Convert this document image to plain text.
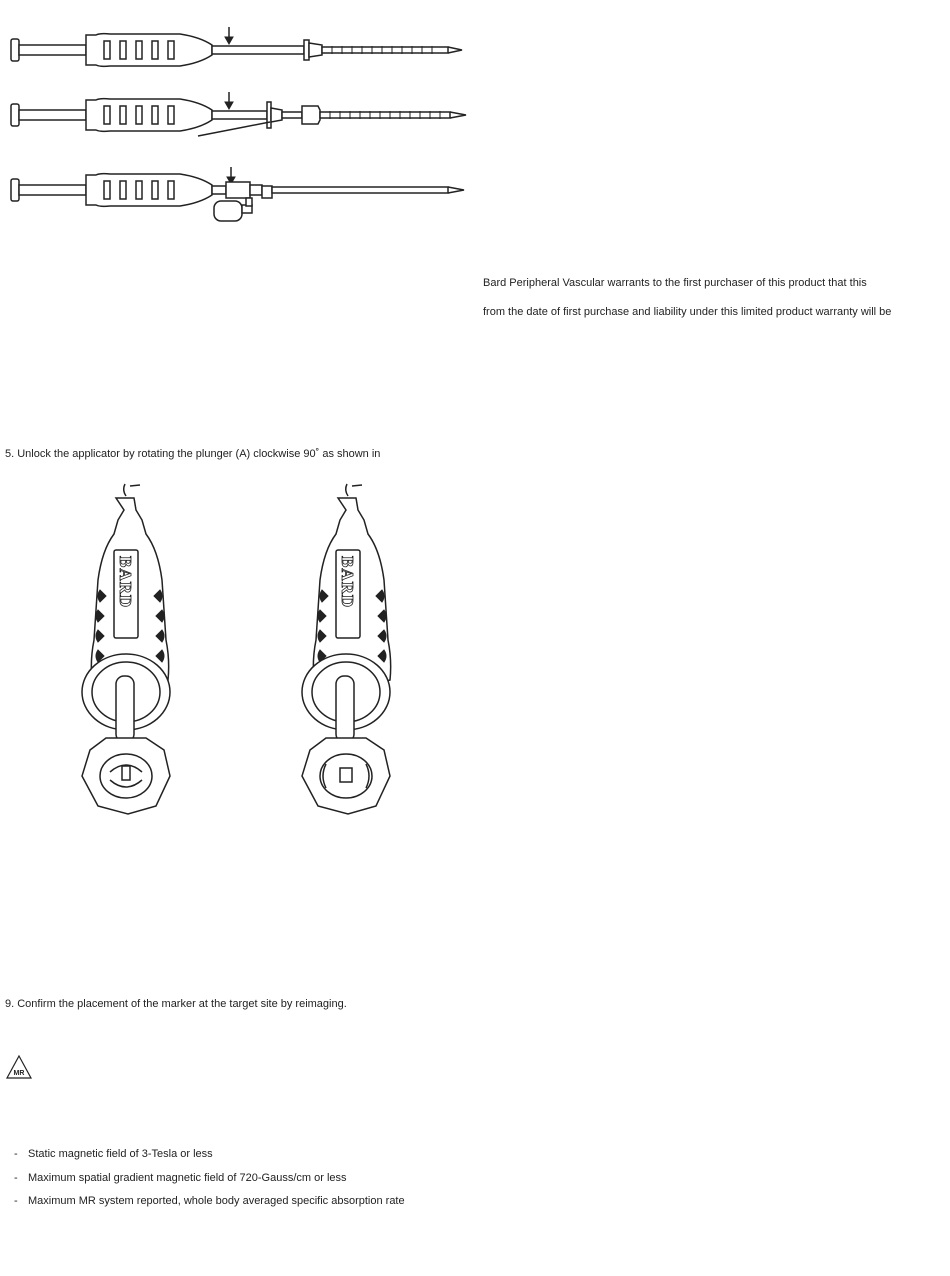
Bard Peripheral Vascular warrants to the first purchaser of this product that this
from the date of first purchase and liability under this limited product warranty will be
5. Unlock the applicator by rotating the plunger (A) clockwise 90˚ as shown in
BARD	BARD
9. Confirm the placement of the marker at the target site by reimaging.
MR
- Static magnetic field of 3-Tesla or less
- Maximum spatial gradient magnetic field of 720-Gauss/cm or less
- Maximum MR system reported, whole body averaged specific absorption rate
